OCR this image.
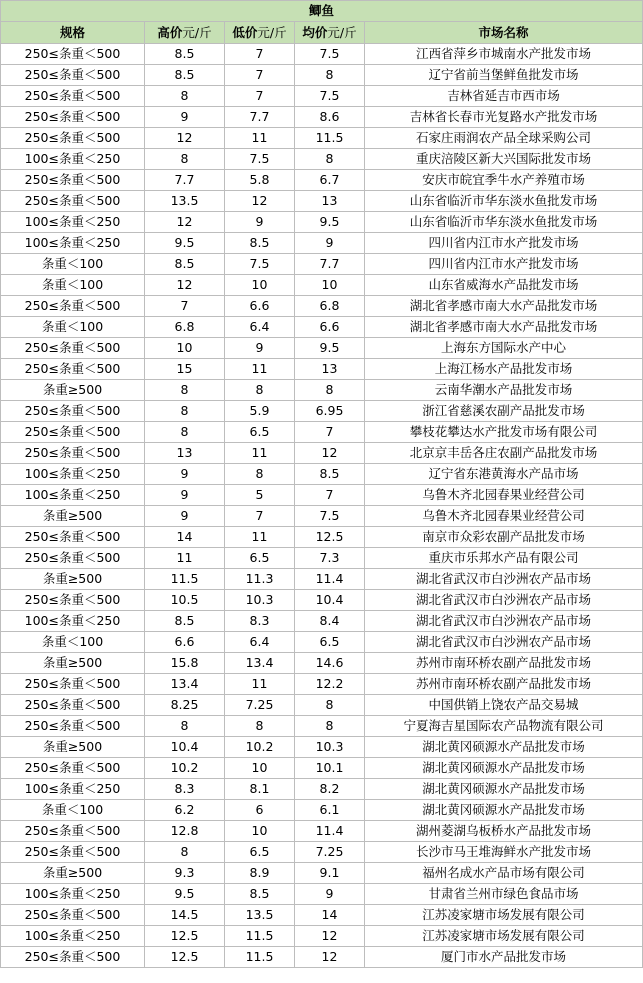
鲫鱼				
规格	高价元/斤	低价元/斤	均价元/斤	市场名称
250≤条重＜500	8.5	7	7.5	江西省萍乡市城南水产批发市场
250≤条重＜500	8.5	7	8	辽宁省前当堡鲜鱼批发市场
250≤条重＜500	8	7	7.5	吉林省延吉市西市场
250≤条重＜500	9	7.7	8.6	吉林省长春市光复路水产批发市场
250≤条重＜500	12	11	11.5	石家庄雨润农产品全球采购公司
100≤条重＜250	8	7.5	8	重庆涪陵区新大兴国际批发市场
250≤条重＜500	7.7	5.8	6.7	安庆市皖宜季牛水产养殖市场
250≤条重＜500	13.5	12	13	山东省临沂市华东淡水鱼批发市场
100≤条重＜250	12	9	9.5	山东省临沂市华东淡水鱼批发市场
100≤条重＜250	9.5	8.5	9	四川省内江市水产批发市场
条重＜100	8.5	7.5	7.7	四川省内江市水产批发市场
条重＜100	12	10	10	山东省威海水产品批发市场
250≤条重＜500	7	6.6	6.8	湖北省孝感市南大水产品批发市场
条重＜100	6.8	6.4	6.6	湖北省孝感市南大水产品批发市场
250≤条重＜500	10	9	9.5	上海东方国际水产中心
250≤条重＜500	15	11	13	上海江杨水产品批发市场
条重≥500	8	8	8	云南华潮水产品批发市场
250≤条重＜500	8	5.9	6.95	浙江省慈溪农副产品批发市场
250≤条重＜500	8	6.5	7	攀枝花攀达水产批发市场有限公司
250≤条重＜500	13	11	12	北京京丰岳各庄农副产品批发市场
100≤条重＜250	9	8	8.5	辽宁省东港黄海水产品市场
100≤条重＜250	9	5	7	乌鲁木齐北园春果业经营公司
条重≥500	9	7	7.5	乌鲁木齐北园春果业经营公司
250≤条重＜500	14	11	12.5	南京市众彩农副产品批发市场
250≤条重＜500	11	6.5	7.3	重庆市乐邦水产品有限公司
条重≥500	11.5	11.3	11.4	湖北省武汉市白沙洲农产品市场
250≤条重＜500	10.5	10.3	10.4	湖北省武汉市白沙洲农产品市场
100≤条重＜250	8.5	8.3	8.4	湖北省武汉市白沙洲农产品市场
条重＜100	6.6	6.4	6.5	湖北省武汉市白沙洲农产品市场
条重≥500	15.8	13.4	14.6	苏州市南环桥农副产品批发市场
250≤条重＜500	13.4	11	12.2	苏州市南环桥农副产品批发市场
250≤条重＜500	8.25	7.25	8	中国供销上饶农产品交易城
250≤条重＜500	8	8	8	宁夏海吉星国际农产品物流有限公司
条重≥500	10.4	10.2	10.3	湖北黄冈硕源水产品批发市场
250≤条重＜500	10.2	10	10.1	湖北黄冈硕源水产品批发市场
100≤条重＜250	8.3	8.1	8.2	湖北黄冈硕源水产品批发市场
条重＜100	6.2	6	6.1	湖北黄冈硕源水产品批发市场
250≤条重＜500	12.8	10	11.4	湖州菱湖乌板桥水产品批发市场
250≤条重＜500	8	6.5	7.25	长沙市马王堆海鲜水产批发市场
条重≥500	9.3	8.9	9.1	福州名成水产品市场有限公司
100≤条重＜250	9.5	8.5	9	甘肃省兰州市绿色食品市场
250≤条重＜500	14.5	13.5	14	江苏凌家塘市场发展有限公司
100≤条重＜250	12.5	11.5	12	江苏凌家塘市场发展有限公司
250≤条重＜500	12.5	11.5	12	厦门市水产品批发市场
